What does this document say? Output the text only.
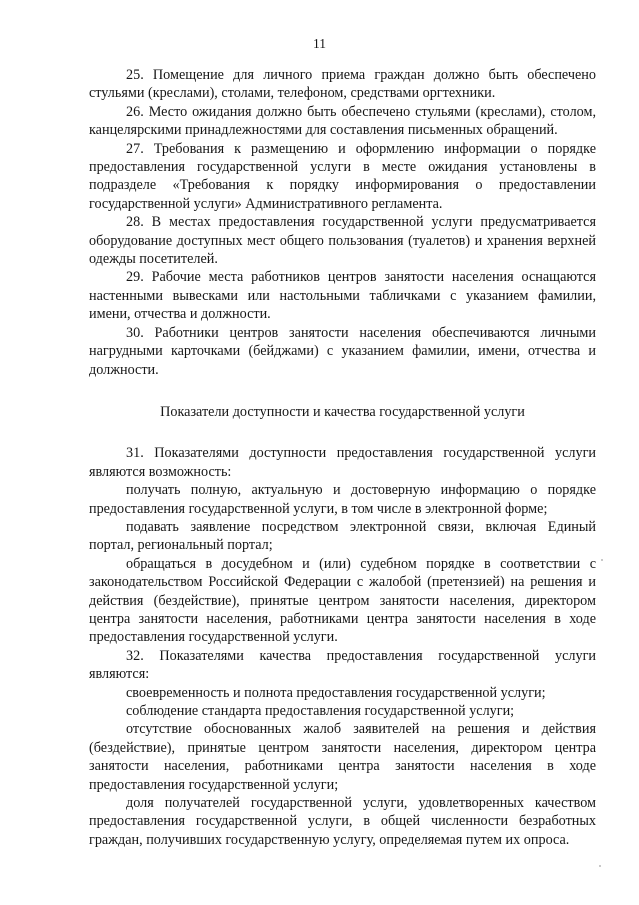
11

25. Помещение для личного приема граждан должно быть обеспечено стульями (креслами), столами, телефоном, средствами оргтехники.

26. Место ожидания должно быть обеспечено стульями (креслами), столом, канцелярскими принадлежностями для составления письменных обращений.

27. Требования к размещению и оформлению информации о порядке предоставления государственной услуги в месте ожидания установлены в подразделе «Требования к порядку информирования о предоставлении государственной услуги» Административного регламента.

28. В местах предоставления государственной услуги предусматривается оборудование доступных мест общего пользования (туалетов) и хранения верхней одежды посетителей.

29. Рабочие места работников центров занятости населения оснащаются настенными вывесками или настольными табличками с указанием фамилии, имени, отчества и должности.

30. Работники центров занятости населения обеспечиваются личными нагрудными карточками (бейджами) с указанием фамилии, имени, отчества и должности.

Показатели доступности и качества государственной услуги

31. Показателями доступности предоставления государственной услуги являются возможность:

получать полную, актуальную и достоверную информацию о порядке предоставления государственной услуги, в том числе в электронной форме;

подавать заявление посредством электронной связи, включая Единый портал, региональный портал;

обращаться в досудебном и (или) судебном порядке в соответствии с законодательством Российской Федерации с жалобой (претензией) на решения и действия (бездействие), принятые центром занятости населения, директором центра занятости населения, работниками центра занятости населения в ходе предоставления государственной услуги.

32. Показателями качества предоставления государственной услуги являются:

своевременность и полнота предоставления государственной услуги;

соблюдение стандарта предоставления государственной услуги;

отсутствие обоснованных жалоб заявителей на решения и действия (бездействие), принятые центром занятости населения, директором центра занятости населения, работниками центра занятости населения в ходе предоставления государственной услуги;

доля получателей государственной услуги, удовлетворенных качеством предоставления государственной услуги, в общей численности безработных граждан, получивших государственную услугу, определяемая путем их опроса.
